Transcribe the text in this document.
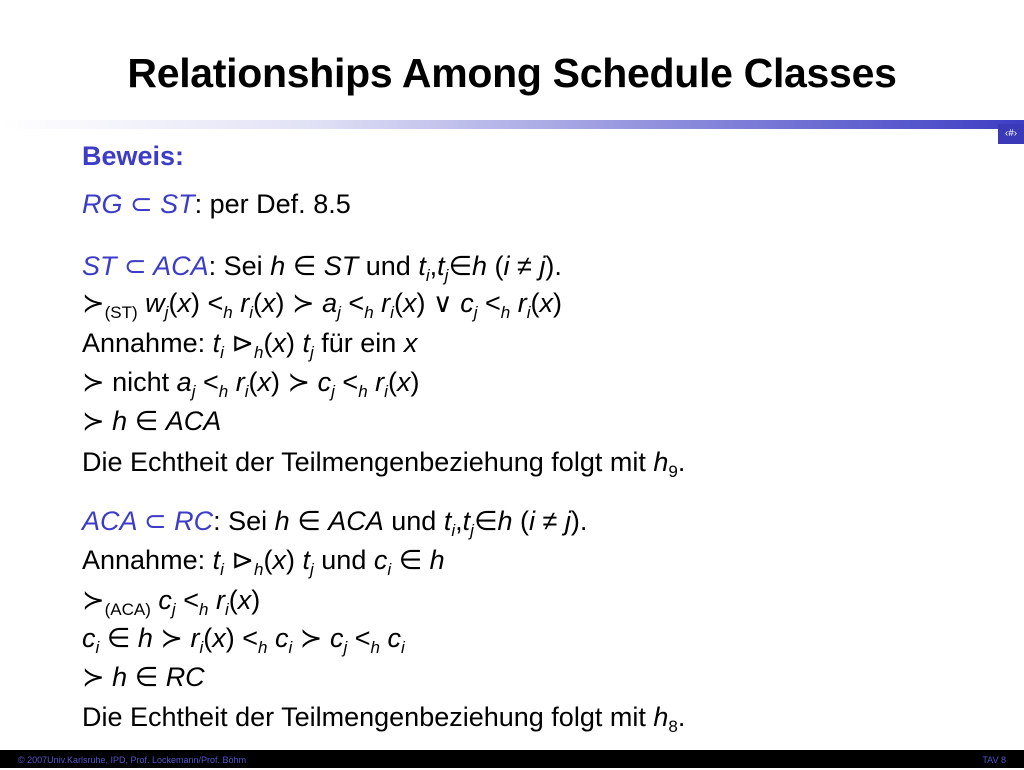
Relationships Among Schedule Classes
‹#›
Beweis:
RG ⊂ ST: per Def. 8.5
ST ⊂ ACA: Sei h ∈ ST und $t_i,t_j\in h$ (i ≠ j).
$≻_{(ST)}$ $w_j(x) <_h$ $r_i(x)$ ≻ $a_j <_h$ $r_i(x)$ ∨ $c_j <_h$ $r_i(x)$
Annahme: $t_i$ $⊳_h(x)$ $t_j$ für ein x
≻ nicht $a_j <_h$ $r_i(x)$ ≻ $c_j <_h$ $r_i(x)$
≻ h ∈ ACA
Die Echtheit der Teilmengenbeziehung folgt mit $h_9$.
ACA ⊂ RC: Sei h ∈ ACA und $t_i,t_j\in h$ (i ≠ j).
Annahme: $t_i$ $⊳_h(x)$ $t_j$ und $c_i$ ∈ h
$≻_{(ACA)}$ $c_j <_h$ $r_i(x)$
$c_i$ ∈ h ≻ $r_i(x) <_h$ $c_i$ ≻ $c_j <_h$ $c_i$
≻ h ∈ RC
Die Echtheit der Teilmengenbeziehung folgt mit $h_8$.
© 2007Univ.Karlsruhe, IPD, Prof. Lockemann/Prof. Böhm	TAV 8
